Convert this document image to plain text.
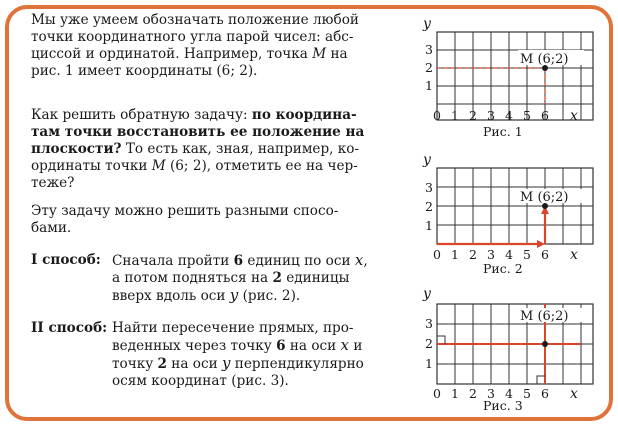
Мы уже умеем обозначать положение любой
точки координатного угла парой чисел: абс-
циссой и ординатой. Например, точка M на
рис. 1 имеет координаты (6; 2).
Как решить обратную задачу: по координа-
там точки восстановить ее положение на
плоскости? То есть как, зная, например, ко-
ординаты точки M (6; 2), отметить ее на чер-
теже?
Эту задачу можно решить разными спосо-
бами.
I способ: Сначала пройти 6 единиц по оси x,
а потом подняться на 2 единицы
вверх вдоль оси y (рис. 2).
II способ: Найти пересечение прямых, про-
веденных через точку 6 на оси x и
точку 2 на оси y перпендикулярно
осям координат (рис. 3).
M (6;2)
y
3
2
1
0 1 2 3 4 5 6 x
Рис. 1
M (6;2)
y
3
2
1
0 1 2 3 4 5 6 x
Рис. 2
M (6;2)
y
3
2
1
0 1 2 3 4 5 6 x
Рис. 3
